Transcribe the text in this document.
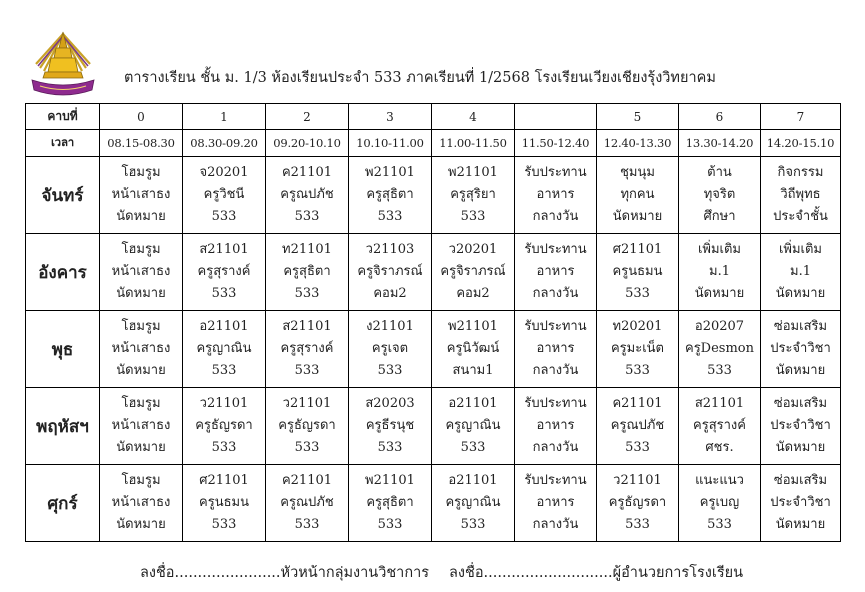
ตารางเรียน ชั้น ม. 1/3 ห้องเรียนประจำ 533 ภาคเรียนที่ 1/2568 โรงเรียนเวียงเชียงรุ้งวิทยาคม
คาบที่	0	1	2	3	4		5	6	7
เวลา	08.15-08.30	08.30-09.20	09.20-10.10	10.10-11.00	11.00-11.50	11.50-12.40	12.40-13.30	13.30-14.20	14.20-15.10
จันทร์	โฮมรูม
หน้าเสาธง
นัดหมาย	จ20201
ครูวิชนี
533	ค21101
ครูณปภัช
533	พ21101
ครูสุธิตา
533	พ21101
ครูสุริยา
533	รับประทาน
อาหาร
กลางวัน	ชุมนุม
ทุกคน
นัดหมาย	ต้าน
ทุจริต
ศึกษา	กิจกรรม
วิถีพุทธ
ประจำชั้น

อังคาร	โฮมรูม
หน้าเสาธง
นัดหมาย	ส21101
ครูสุรางค์
533	ท21101
ครูสุธิตา
533	ว21103
ครูจิราภรณ์
คอม2	ว20201
ครูจิราภรณ์
คอม2	รับประทาน
อาหาร
กลางวัน	ศ21101
ครูนธมน
533	เพิ่มเติม
ม.1
นัดหมาย	เพิ่มเติม
ม.1
นัดหมาย

พุธ	โฮมรูม
หน้าเสาธง
นัดหมาย	อ21101
ครูญาณิน
533	ส21101
ครูสุรางค์
533	ง21101
ครูเจต
533	พ21101
ครูนิวัฒน์
สนาม1	รับประทาน
อาหาร
กลางวัน	ท20201
ครูมะเน็ต
533	อ20207
ครูDesmon
533	ซ่อมเสริม
ประจำวิชา
นัดหมาย

พฤหัสฯ	โฮมรูม
หน้าเสาธง
นัดหมาย	ว21101
ครูธัญรดา
533	ว21101
ครูธัญรดา
533	ส20203
ครูธีรนุช
533	อ21101
ครูญาณิน
533	รับประทาน
อาหาร
กลางวัน	ค21101
ครูณปภัช
533	ส21101
ครูสุรางค์
ศชร.	ซ่อมเสริม
ประจำวิชา
นัดหมาย

ศุกร์	โฮมรูม
หน้าเสาธง
นัดหมาย	ศ21101
ครูนธมน
533	ค21101
ครูณปภัช
533	พ21101
ครูสุธิตา
533	อ21101
ครูญาณิน
533	รับประทาน
อาหาร
กลางวัน	ว21101
ครูธัญรดา
533	แนะแนว
ครูเบญ
533	ซ่อมเสริม
ประจำวิชา
นัดหมาย
ลงชื่อ.......................หัวหน้ากลุ่มงานวิชาการ ลงชื่อ............................ผู้อำนวยการโรงเรียน
